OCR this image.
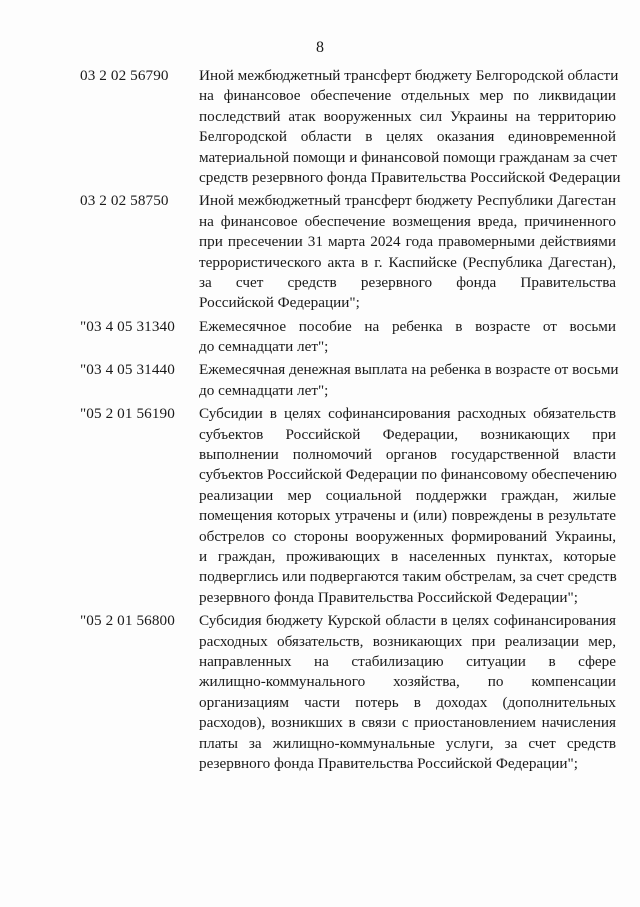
8
03 2 02 56790 Иной межбюджетный трансферт бюджету Белгородской области
на финансовое обеспечение отдельных мер по ликвидации
последствий атак вооруженных сил Украины на территорию
Белгородской области в целях оказания единовременной
материальной помощи и финансовой помощи гражданам за счет
средств резервного фонда Правительства Российской Федерации
03 2 02 58750 Иной межбюджетный трансферт бюджету Республики Дагестан
на финансовое обеспечение возмещения вреда, причиненного
при пресечении 31 марта 2024 года правомерными действиями
террористического акта в г. Каспийске (Республика Дагестан),
за счет средств резервного фонда Правительства
Российской Федерации";
"03 4 05 31340 Ежемесячное пособие на ребенка в возрасте от восьми
до семнадцати лет";
"03 4 05 31440 Ежемесячная денежная выплата на ребенка в возрасте от восьми
до семнадцати лет";
"05 2 01 56190 Субсидии в целях софинансирования расходных обязательств
субъектов Российской Федерации, возникающих при
выполнении полномочий органов государственной власти
субъектов Российской Федерации по финансовому обеспечению
реализации мер социальной поддержки граждан, жилые
помещения которых утрачены и (или) повреждены в результате
обстрелов со стороны вооруженных формирований Украины,
и граждан, проживающих в населенных пунктах, которые
подверглись или подвергаются таким обстрелам, за счет средств
резервного фонда Правительства Российской Федерации";
"05 2 01 56800 Субсидия бюджету Курской области в целях софинансирования
расходных обязательств, возникающих при реализации мер,
направленных на стабилизацию ситуации в сфере
жилищно-коммунального хозяйства, по компенсации
организациям части потерь в доходах (дополнительных
расходов), возникших в связи с приостановлением начисления
платы за жилищно-коммунальные услуги, за счет средств
резервного фонда Правительства Российской Федерации";
